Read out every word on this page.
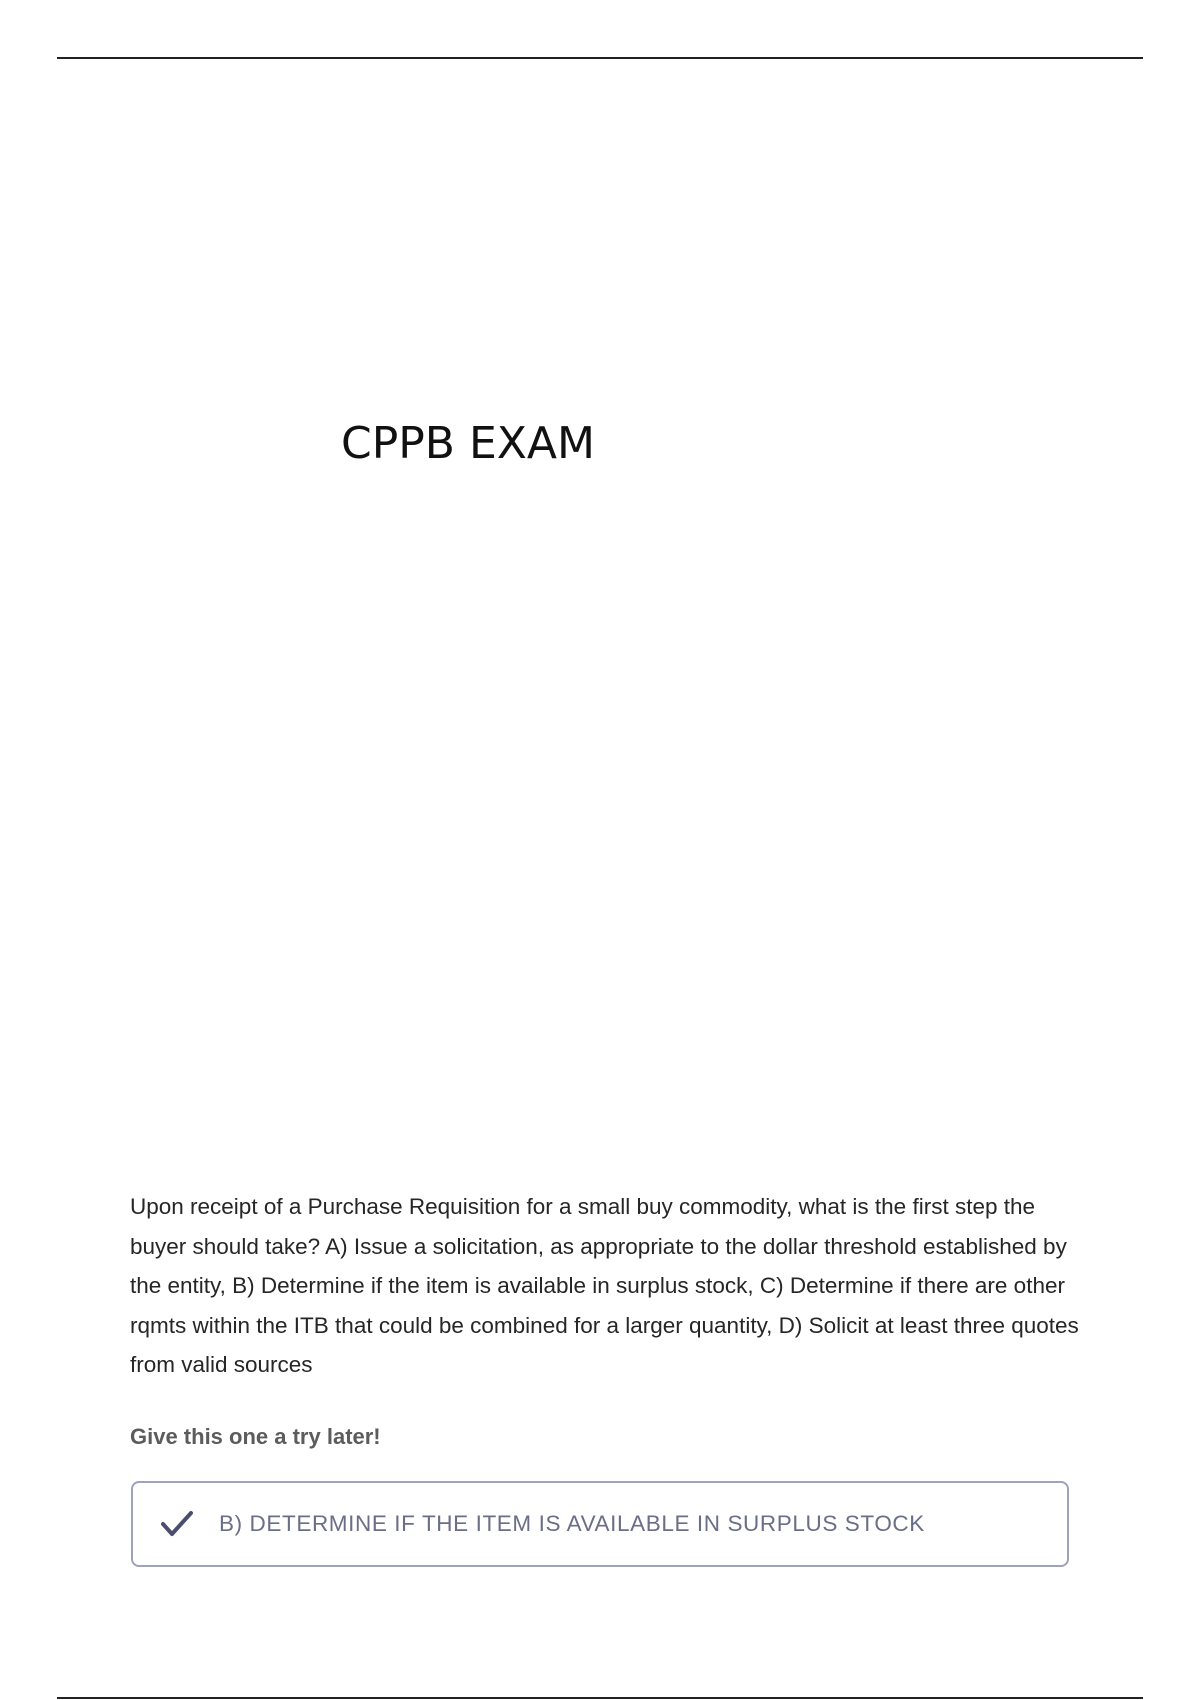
CPPB EXAM

Upon receipt of a Purchase Requisition for a small buy commodity, what is the first step the buyer should take? A) Issue a solicitation, as appropriate to the dollar threshold established by the entity, B) Determine if the item is available in surplus stock, C) Determine if there are other rqmts within the ITB that could be combined for a larger quantity, D) Solicit at least three quotes from valid sources

Give this one a try later!

B) DETERMINE IF THE ITEM IS AVAILABLE IN SURPLUS STOCK
